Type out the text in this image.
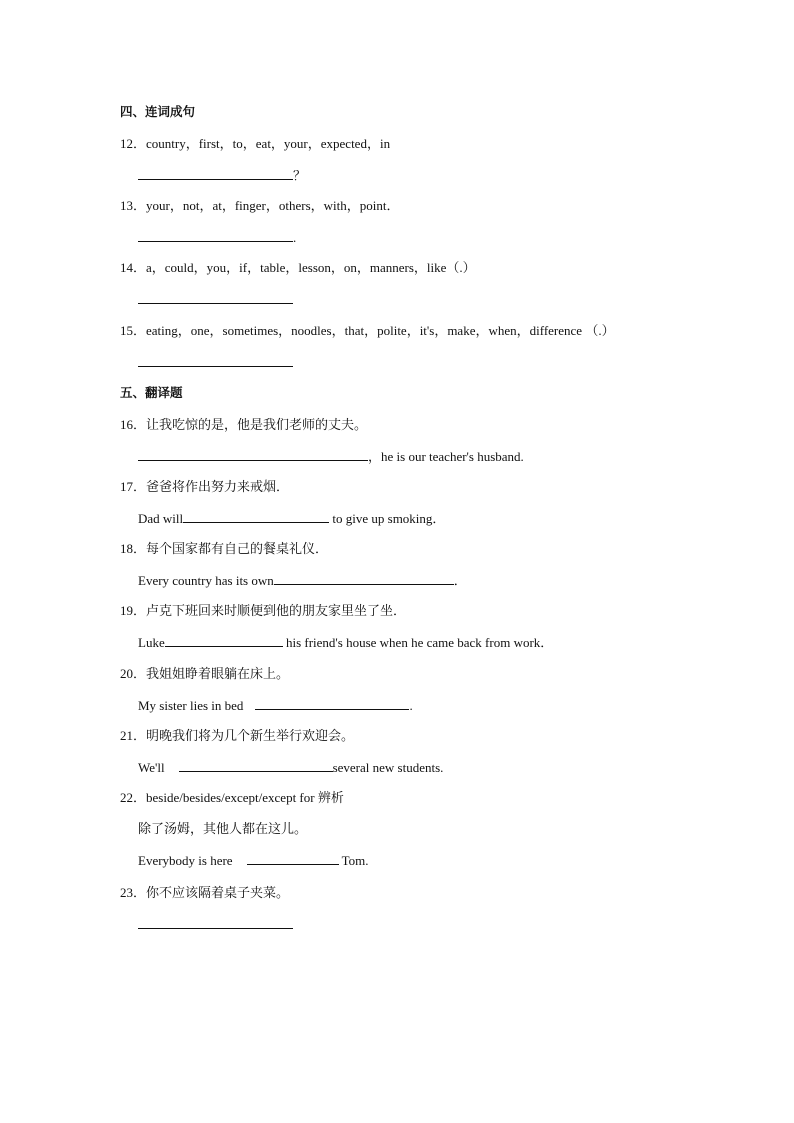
四、连词成句
12．country，first，to，eat，your，expected，in
？
13．your，not，at，finger，others，with，point．
.
14．a，could，you，if，table，lesson，on，manners，like（.）
15．eating，one，sometimes，noodles，that，polite，it's，make，when，difference （.）
五、翻译题
16．让我吃惊的是，他是我们老师的丈夫。
，he is our teacher's husband.
17．爸爸将作出努力来戒烟．
Dad will	to give up smoking．
18．每个国家都有自己的餐桌礼仪．
Every country has its own	．
19．卢克下班回来时顺便到他的朋友家里坐了坐．
Luke	his friend's house when he came back from work．
20．我姐姐睁着眼躺在床上。
My sister lies in bed	.
21．明晚我们将为几个新生举行欢迎会。
We'll	several new students.
22．beside/besides/except/except for 辨析
除了汤姆，其他人都在这儿。
Everybody is here	Tom.
23．你不应该隔着桌子夹菜。
